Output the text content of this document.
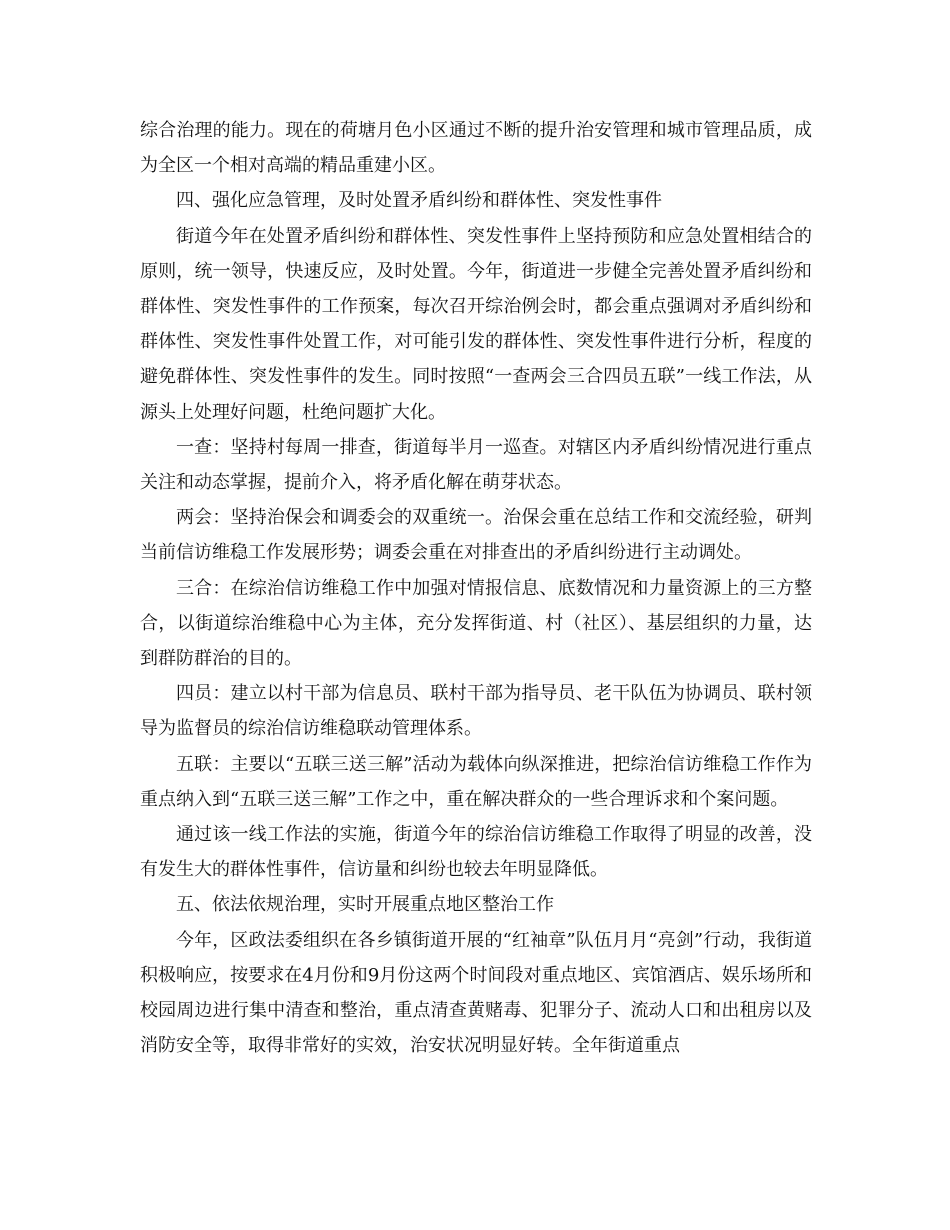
综合治理的能力。现在的荷塘月色小区通过不断的提升治安管理和城市管理品质，成为全区一个相对高端的精品重建小区。

四、强化应急管理，及时处置矛盾纠纷和群体性、突发性事件

街道今年在处置矛盾纠纷和群体性、突发性事件上坚持预防和应急处置相结合的原则，统一领导，快速反应，及时处置。今年，街道进一步健全完善处置矛盾纠纷和群体性、突发性事件的工作预案，每次召开综治例会时，都会重点强调对矛盾纠纷和群体性、突发性事件处置工作，对可能引发的群体性、突发性事件进行分析，程度的避免群体性、突发性事件的发生。同时按照“一查两会三合四员五联”一线工作法，从源头上处理好问题，杜绝问题扩大化。

一查：坚持村每周一排查，街道每半月一巡查。对辖区内矛盾纠纷情况进行重点关注和动态掌握，提前介入，将矛盾化解在萌芽状态。

两会：坚持治保会和调委会的双重统一。治保会重在总结工作和交流经验，研判当前信访维稳工作发展形势；调委会重在对排查出的矛盾纠纷进行主动调处。

三合：在综治信访维稳工作中加强对情报信息、底数情况和力量资源上的三方整合，以街道综治维稳中心为主体，充分发挥街道、村（社区）、基层组织的力量，达到群防群治的目的。

四员：建立以村干部为信息员、联村干部为指导员、老干队伍为协调员、联村领导为监督员的综治信访维稳联动管理体系。

五联：主要以“五联三送三解”活动为载体向纵深推进，把综治信访维稳工作作为重点纳入到“五联三送三解”工作之中，重在解决群众的一些合理诉求和个案问题。

通过该一线工作法的实施，街道今年的综治信访维稳工作取得了明显的改善，没有发生大的群体性事件，信访量和纠纷也较去年明显降低。

五、依法依规治理，实时开展重点地区整治工作

今年，区政法委组织在各乡镇街道开展的“红袖章”队伍月月“亮剑”行动，我街道积极响应，按要求在4月份和9月份这两个时间段对重点地区、宾馆酒店、娱乐场所和校园周边进行集中清查和整治，重点清查黄赌毒、犯罪分子、流动人口和出租房以及消防安全等，取得非常好的实效，治安状况明显好转。全年街道重点
